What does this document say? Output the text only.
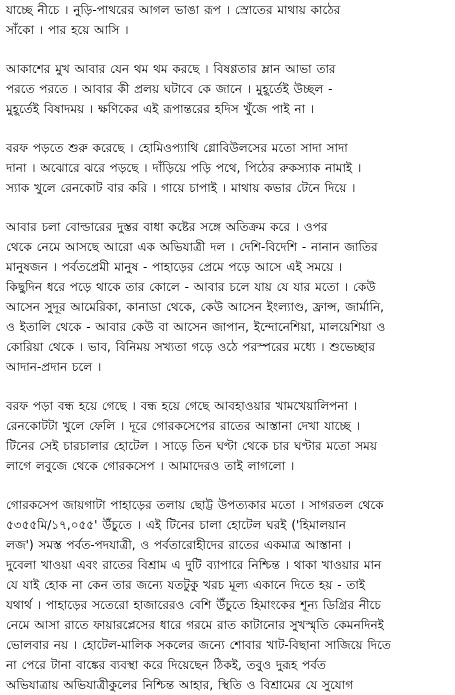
যাচ্ছে নীচে । নুড়ি-পাথরের আগল ভাঙা রূপ । স্রোতের মাথায় কাঠের
সাঁকো । পার হয়ে আসি ।
আকাশের মুখ আবার যেন থম থম করছে । বিষণ্ণতার ম্লান আভা তার
পরতে পরতে । আবার কী প্রলয় ঘটাবে কে জানে । মুহূর্তেই উচ্ছল -
মুহূর্তেই বিষাদময় । ক্ষণিকের এই রূপান্তরের হদিস খুঁজে পাই না ।
বরফ পড়তে শুরু করেছে । হোমিওপ্যাথি গ্লোবিউলসের মতো সাদা সাদা
দানা । অঝোরে ঝরে পড়ছে । দাঁড়িয়ে পড়ি পথে, পিঠের রুকস্যাক নামাই ।
স্যাক খুলে রেনকোট বার করি । গায়ে চাপাই । মাথায় কভার টেনে দিয়ে ।
আবার চলা বোল্ডারের দুস্তর বাধা কষ্টের সঙ্গে অতিক্রম করে । ওপর
থেকে নেমে আসছে আরো এক অভিযাত্রী দল । দেশি-বিদেশি - নানান জাতির
মানুষজন । পর্বতপ্রেমী মানুষ - পাহাড়ের প্রেমে পড়ে আসে এই সময়ে ।
কিছুদিন ধরে পড়ে থাকে তার কোলে - আবার চলে যায় যে যার মতো । কেউ
আসেন সুদূর আমেরিকা, কানাডা থেকে, কেউ আসেন ইংল্যাণ্ড, ফ্রান্স, জার্মানি,
ও ইতালি থেকে - আবার কেউ বা আসেন জাপান, ইন্দোনেশিয়া, মালয়েশিয়া ও
কোরিয়া থেকে । ভাব, বিনিময় সখ্যতা গড়ে ওঠে পরস্পরের মধ্যে । শুভেচ্ছার
আদান-প্রদান চলে ।
বরফ পড়া বন্ধ হয়ে গেছে । বন্ধ হয়ে গেছে আবহাওয়ার খামখেয়ালিপনা ।
রেনকোটটা খুলে ফেলি । দূরে গোরকসেপের রাতের আস্তানা দেখা যাচ্ছে ।
টিনের সেই চারচালার হোটেল । সাড়ে তিন ঘণ্টা থেকে চার ঘণ্টার মতো সময়
লাগে লবুজে থেকে গোরকসেপ । আমাদেরও তাই লাগলো ।
গোরকসেপ জায়গাটা পাহাড়ের তলায় ছোট্ট উপত্যকার মতো । সাগরতল থেকে
৫৩৫৫মি/১৭,০৫৫' উঁচুতে । এই টিনের চালা হোটেল ঘরই ('হিমালয়ান
লজ') সমস্ত পর্বত-পদযাত্রী, ও পর্বতারোহীদের রাতের একমাত্র আস্তানা ।
দুবেলা খাওয়া এবং রাতের বিশ্রাম এ দুটি ব্যাপারে নিশ্চিন্ত । থাকা খাওয়ার মান
যে যাই হোক না কেন তার জন্যে যতটুকু খরচ মূল্য একানে দিতে হয় - তাই
যথার্থ । পাহাড়ের সতেরো হাজারেরও বেশি উঁচুতে হিমাংকের শূন্য ডিগ্রির নীচে
নেমে আসা রাতে ফায়ারপ্লেসের ধারে গরমে রাত কাটানোর সুখস্মৃতি কেমনদিনই
ভোলবার নয় । হোটেল-মালিক সকলের জন্যে শোবার খাট-বিছানা সাজিয়ে দিতে
না পেরে টানা বাঙ্কের ব্যবস্থা করে দিয়েছেন ঠিকই, তবুও দুরূহ পর্বত
অভিযাত্রায় অভিযাত্রীকুলের নিশ্চিন্ত আহার, স্থিতি ও বিশ্রামের যে সুযোগ
